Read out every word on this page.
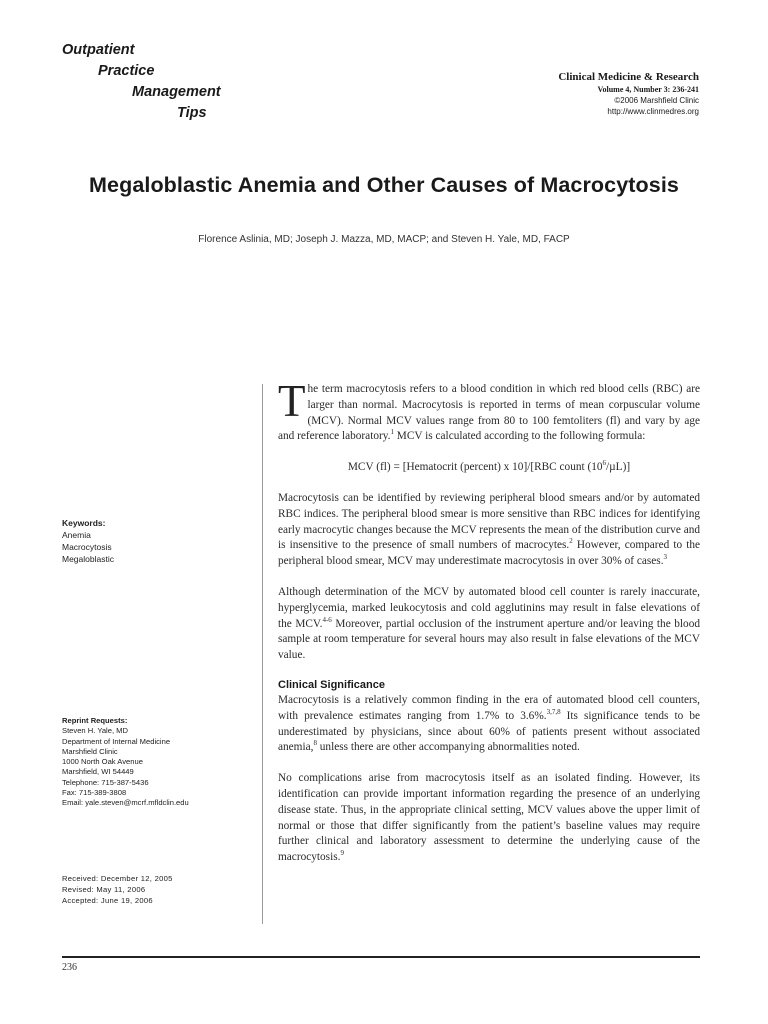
Outpatient
Practice
Management
Tips
Clinical Medicine & Research
Volume 4, Number 3: 236-241
©2006 Marshfield Clinic
http://www.clinmedres.org
Megaloblastic Anemia and Other Causes of Macrocytosis
Florence Aslinia, MD; Joseph J. Mazza, MD, MACP; and Steven H. Yale, MD, FACP
Keywords:
Anemia
Macrocytosis
Megaloblastic
Reprint Requests:
Steven H. Yale, MD
Department of Internal Medicine
Marshfield Clinic
1000 North Oak Avenue
Marshfield, WI 54449
Telephone: 715-387-5436
Fax: 715-389-3808
Email: yale.steven@mcrf.mfldclin.edu
Received: December 12, 2005
Revised: May 11, 2006
Accepted: June 19, 2006

The term macrocytosis refers to a blood condition in which red blood cells (RBC) are larger than normal. Macrocytosis is reported in terms of mean corpuscular volume (MCV). Normal MCV values range from 80 to 100 femtoliters (fl) and vary by age and reference laboratory.$^1$ MCV is calculated according to the following formula:

MCV (fl) = [Hematocrit (percent) x 10]/[RBC count $(10^6/\mu L)$]

Macrocytosis can be identified by reviewing peripheral blood smears and/or by automated RBC indices. The peripheral blood smear is more sensitive than RBC indices for identifying early macrocytic changes because the MCV represents the mean of the distribution curve and is insensitive to the presence of small numbers of macrocytes.$^2$ However, compared to the peripheral blood smear, MCV may underestimate macrocytosis in over 30% of cases.$^3$

Although determination of the MCV by automated blood cell counter is rarely inaccurate, hyperglycemia, marked leukocytosis and cold agglutinins may result in false elevations of the MCV.$^{4-6}$ Moreover, partial occlusion of the instrument aperture and/or leaving the blood sample at room temperature for several hours may also result in false elevations of the MCV value.

Clinical Significance

Macrocytosis is a relatively common finding in the era of automated blood cell counters, with prevalence estimates ranging from 1.7% to 3.6%.$^{3,7,8}$ Its significance tends to be underestimated by physicians, since about 60% of patients present without associated anemia,$^8$ unless there are other accompanying abnormalities noted.

No complications arise from macrocytosis itself as an isolated finding. However, its identification can provide important information regarding the presence of an underlying disease state. Thus, in the appropriate clinical setting, MCV values above the upper limit of normal or those that differ significantly from the patient’s baseline values may require further clinical and laboratory assessment to determine the underlying cause of the macrocytosis.$^9$

236
